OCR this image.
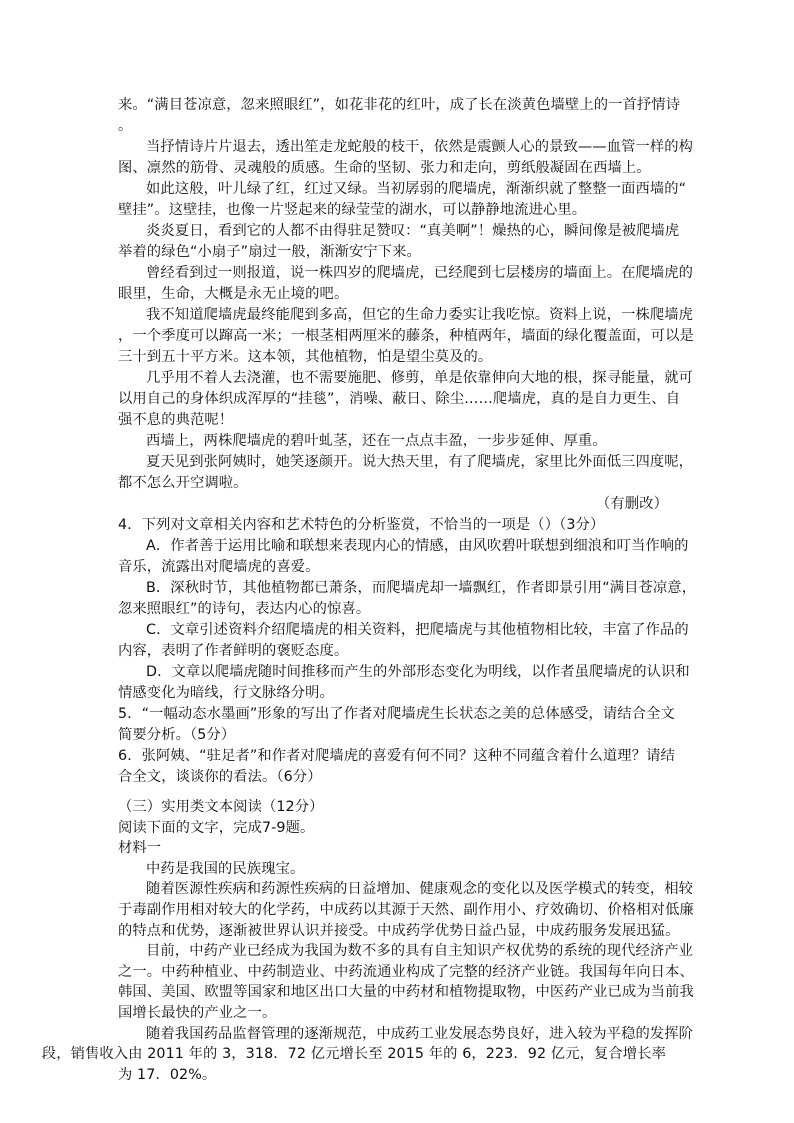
来。“满目苍凉意，忽来照眼红”，如花非花的红叶，成了长在淡黄色墙壁上的一首抒情诗
。
当抒情诗片片退去，透出笙走龙蛇般的枝干，依然是震颤人心的景致——血管一样的构
图、凛然的筋骨、灵魂般的质感。生命的坚韧、张力和走向，剪纸般凝固在西墙上。
如此这般，叶儿绿了红，红过又绿。当初孱弱的爬墙虎，渐渐织就了整整一面西墙的“
壁挂”。这壁挂，也像一片竖起来的绿莹莹的湖水，可以静静地流进心里。
炎炎夏日，看到它的人都不由得驻足赞叹：“真美啊”！燥热的心，瞬间像是被爬墙虎
举着的绿色“小扇子”扇过一般，渐渐安宁下来。
曾经看到过一则报道，说一株四岁的爬墙虎，已经爬到七层楼房的墙面上。在爬墙虎的
眼里，生命，大概是永无止境的吧。
我不知道爬墙虎最终能爬到多高，但它的生命力委实让我吃惊。资料上说，一株爬墙虎
，一个季度可以蹿高一米；一根茎相两厘米的藤条，种植两年，墙面的绿化覆盖面，可以是
三十到五十平方米。这本领，其他植物，怕是望尘莫及的。
几乎用不着人去浇灌，也不需要施肥、修剪，单是依靠伸向大地的根，探寻能量，就可
以用自己的身体织成浑厚的“挂毯”，消噪、蔽日、除尘……爬墙虎，真的是自力更生、自
强不息的典范呢！
西墙上，两株爬墙虎的碧叶虬茎，还在一点点丰盈，一步步延伸、厚重。
夏天见到张阿姨时，她笑逐颜开。说大热天里，有了爬墙虎，家里比外面低三四度呢，
都不怎么开空调啦。
（有删改）
4．下列对文章相关内容和艺术特色的分析鉴赏，不恰当的一项是（）（3分）
A．作者善于运用比喻和联想来表现内心的情感，由风吹碧叶联想到细浪和叮当作响的
音乐，流露出对爬墙虎的喜爱。
B．深秋时节，其他植物都已萧条，而爬墙虎却一墙飘红，作者即景引用“满目苍凉意，
忽来照眼红”的诗句，表达内心的惊喜。
C．文章引述资料介绍爬墙虎的相关资料，把爬墙虎与其他植物相比较，丰富了作品的
内容，表明了作者鲜明的褒贬态度。
D．文章以爬墙虎随时间推移而产生的外部形态变化为明线，以作者虽爬墙虎的认识和
情感变化为暗线，行文脉络分明。
5．“一幅动态水墨画”形象的写出了作者对爬墙虎生长状态之美的总体感受，请结合全文
简要分析。（5分）
6．张阿姨、“驻足者”和作者对爬墙虎的喜爱有何不同？这种不同蕴含着什么道理？请结
合全文，谈谈你的看法。（6分）
（三）实用类文本阅读（12分）
阅读下面的文字，完成7-9题。
材料一
中药是我国的民族瑰宝。
随着医源性疾病和药源性疾病的日益增加、健康观念的变化以及医学模式的转变，相较
于毒副作用相对较大的化学药，中成药以其源于天然、副作用小、疗效确切、价格相对低廉
的特点和优势，逐渐被世界认识并接受。中成药学优势日益凸显，中成药服务发展迅猛。
目前，中药产业已经成为我国为数不多的具有自主知识产权优势的系统的现代经济产业
之一。中药种植业、中药制造业、中药流通业构成了完整的经济产业链。我国每年向日本、
韩国、美国、欧盟等国家和地区出口大量的中药材和植物提取物，中医药产业已成为当前我
国增长最快的产业之一。
随着我国药品监督管理的逐渐规范，中成药工业发展态势良好，进入较为平稳的发挥阶
段，销售收入由 2011 年的 3，318．72 亿元增长至 2015 年的 6，223．92 亿元，复合增长率
为 17．02%。
